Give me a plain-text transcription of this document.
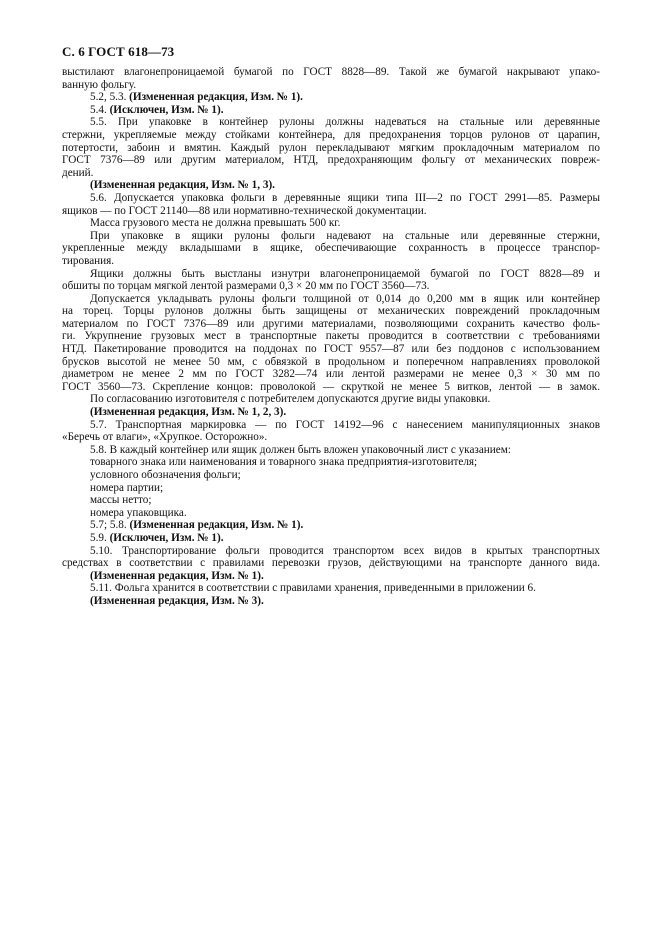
С. 6 ГОСТ 618—73
выстилают влагонепроницаемой бумагой по ГОСТ 8828—89. Такой же бумагой накрывают упако-
ванную фольгу.
5.2, 5.3. (Измененная редакция, Изм. № 1).
5.4. (Исключен, Изм. № 1).
5.5. При упаковке в контейнер рулоны должны надеваться на стальные или деревянные
стержни, укрепляемые между стойками контейнера, для предохранения торцов рулонов от царапин,
потертости, забоин и вмятин. Каждый рулон перекладывают мягким прокладочным материалом по
ГОСТ 7376—89 или другим материалом, НТД, предохраняющим фольгу от механических повреж-
дений.
(Измененная редакция, Изм. № 1, 3).
5.6. Допускается упаковка фольги в деревянные ящики типа III—2 по ГОСТ 2991—85. Размеры
ящиков — по ГОСТ 21140—88 или нормативно-технической документации.
Масса грузового места не должна превышать 500 кг.
При упаковке в ящики рулоны фольги надевают на стальные или деревянные стержни,
укрепленные между вкладышами в ящике, обеспечивающие сохранность в процессе транспор-
тирования.
Ящики должны быть выстланы изнутри влагонепроницаемой бумагой по ГОСТ 8828—89 и
обшиты по торцам мягкой лентой размерами 0,3 × 20 мм по ГОСТ 3560—73.
Допускается укладывать рулоны фольги толщиной от 0,014 до 0,200 мм в ящик или контейнер
на торец. Торцы рулонов должны быть защищены от механических повреждений прокладочным
материалом по ГОСТ 7376—89 или другими материалами, позволяющими сохранить качество фоль-
ги. Укрупнение грузовых мест в транспортные пакеты проводится в соответствии с требованиями
НТД. Пакетирование проводится на поддонах по ГОСТ 9557—87 или без поддонов с использованием
брусков высотой не менее 50 мм, с обвязкой в продольном и поперечном направлениях проволокой
диаметром не менее 2 мм по ГОСТ 3282—74 или лентой размерами не менее 0,3 × 30 мм по
ГОСТ 3560—73. Скрепление концов: проволокой — скруткой не менее 5 витков, лентой — в замок.
По согласованию изготовителя с потребителем допускаются другие виды упаковки.
(Измененная редакция, Изм. № 1, 2, 3).
5.7. Транспортная маркировка — по ГОСТ 14192—96 с нанесением манипуляционных знаков
«Беречь от влаги», «Хрупкое. Осторожно».
5.8. В каждый контейнер или ящик должен быть вложен упаковочный лист с указанием:
товарного знака или наименования и товарного знака предприятия-изготовителя;
условного обозначения фольги;
номера партии;
массы нетто;
номера упаковщика.
5.7; 5.8. (Измененная редакция, Изм. № 1).
5.9. (Исключен, Изм. № 1).
5.10. Транспортирование фольги проводится транспортом всех видов в крытых транспортных
средствах в соответствии с правилами перевозки грузов, действующими на транспорте данного вида.
(Измененная редакция, Изм. № 1).
5.11. Фольга хранится в соответствии с правилами хранения, приведенными в приложении 6.
(Измененная редакция, Изм. № 3).
